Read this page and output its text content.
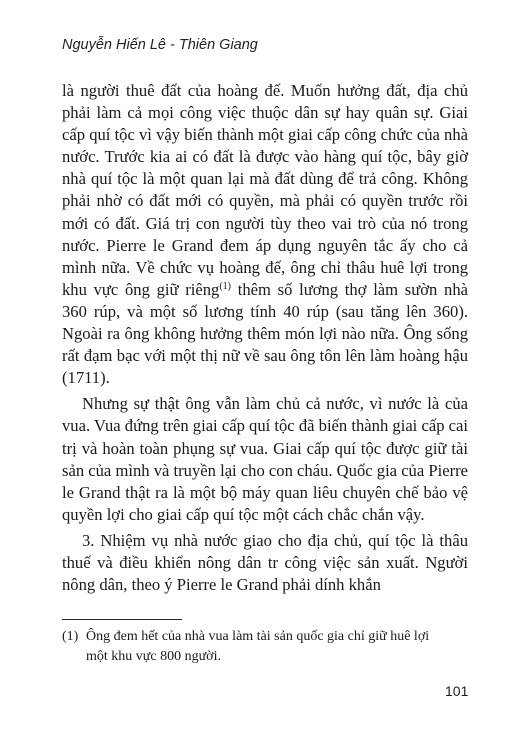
Nguyễn Hiến Lê - Thiên Giang

là người thuê đất của hoàng đế. Muốn hưởng đất, địa chủ phải làm cả mọi công việc thuộc dân sự hay quân sự. Giai cấp quí tộc vì vậy biến thành một giai cấp công chức của nhà nước. Trước kia ai có đất là được vào hàng quí tộc, bây giờ nhà quí tộc là một quan lại mà đất dùng để trả công. Không phải nhờ có đất mới có quyền, mà phải có quyền trước rồi mới có đất. Giá trị con người tùy theo vai trò của nó trong nước. Pierre le Grand đem áp dụng nguyên tắc ấy cho cả mình nữa. Về chức vụ hoàng đế, ông chỉ thâu huê lợi trong khu vực ông giữ riêng$^{(1)}$ thêm số lương thợ làm sườn nhà 360 rúp, và một số lương tính 40 rúp (sau tăng lên 360). Ngoài ra ông không hưởng thêm món lợi nào nữa. Ông sống rất đạm bạc với một thị nữ về sau ông tôn lên làm hoàng hậu (1711).

Nhưng sự thật ông vẫn làm chủ cả nước, vì nước là của vua. Vua đứng trên giai cấp quí tộc đã biến thành giai cấp cai trị và hoàn toàn phụng sự vua. Giai cấp quí tộc được giữ tài sản của mình và truyền lại cho con cháu. Quốc gia của Pierre le Grand thật ra là một bộ máy quan liêu chuyên chế bảo vệ quyền lợi cho giai cấp quí tộc một cách chắc chắn vậy.

3. Nhiệm vụ nhà nước giao cho địa chủ, quí tộc là thâu thuế và điều khiển nông dân tr công việc sản xuất. Người nông dân, theo ý Pierre le Grand phải dính khắn

(1) Ông đem hết của nhà vua làm tài sản quốc gia chỉ giữ huê lợi
một khu vực 800 người.
101
